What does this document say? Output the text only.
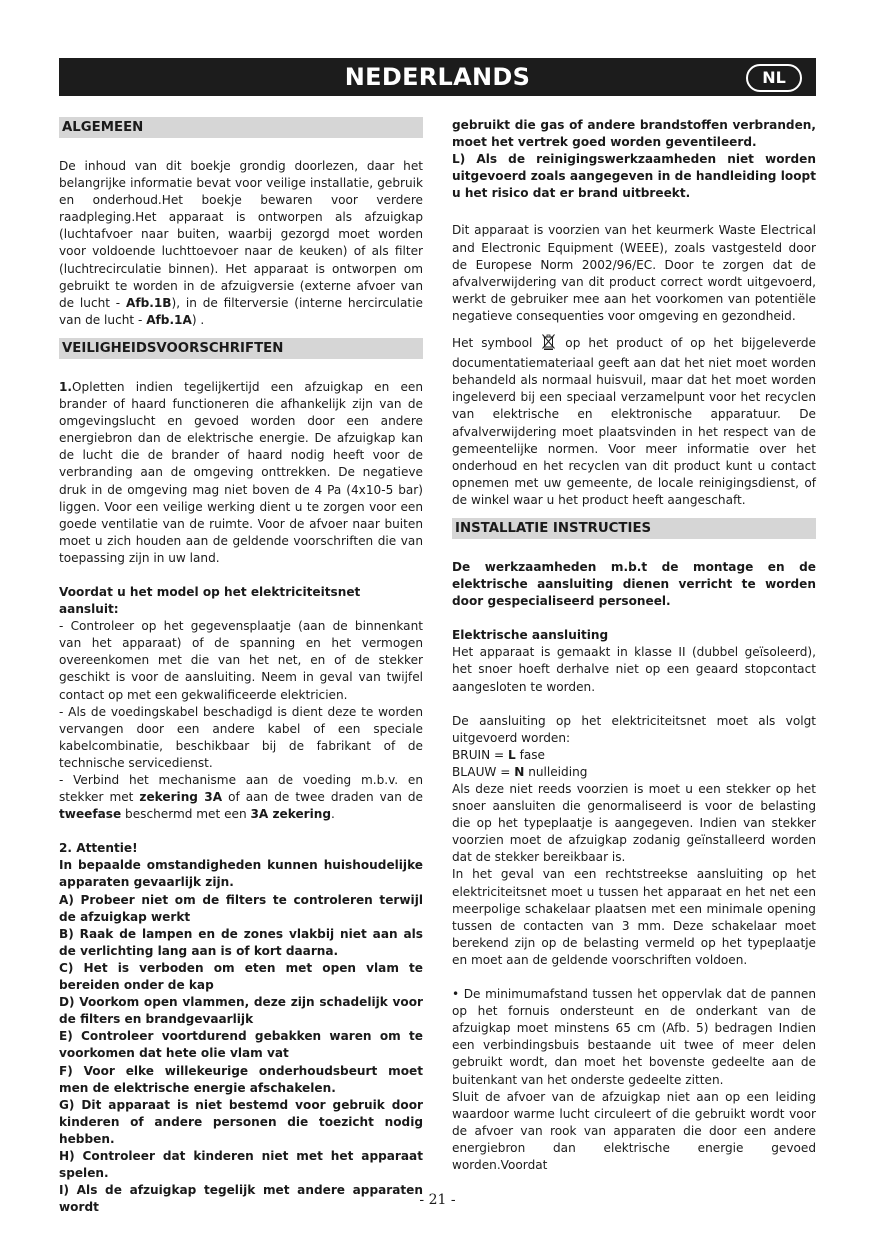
NEDERLANDS	NL
ALGEMEEN

De inhoud van dit boekje grondig doorlezen, daar het belangrijke informatie bevat voor veilige installatie, gebruik en onderhoud.Het boekje bewaren voor verdere raadpleging.Het apparaat is ontworpen als afzuigkap (luchtafvoer naar buiten, waarbij gezorgd moet worden voor voldoende luchttoevoer naar de keuken) of als filter (luchtrecirculatie binnen). Het apparaat is ontworpen om gebruikt te worden in de afzuigversie (externe afvoer van de lucht - Afb.1B), in de filterversie (interne hercirculatie van de lucht - Afb.1A) .

VEILIGHEIDSVOORSCHRIFTEN

1.Opletten indien tegelijkertijd een afzuigkap en een brander of haard functioneren die afhankelijk zijn van de omgevingslucht en gevoed worden door een andere energiebron dan de elektrische energie. De afzuigkap kan de lucht die de brander of haard nodig heeft voor de verbranding aan de omgeving onttrekken. De negatieve druk in de omgeving mag niet boven de 4 Pa (4x10-5 bar) liggen. Voor een veilige werking dient u te zorgen voor een goede ventilatie van de ruimte. Voor de afvoer naar buiten moet u zich houden aan de geldende voorschriften die van toepassing zijn in uw land.

Voordat u het model op het elektriciteitsnet aansluit:

- Controleer op het gegevensplaatje (aan de binnenkant van het apparaat) of de spanning en het vermogen overeenkomen met die van het net, en of de stekker geschikt is voor de aansluiting. Neem in geval van twijfel contact op met een gekwalificeerde elektricien.

- Als de voedingskabel beschadigd is dient deze te worden vervangen door een andere kabel of een speciale kabelcombinatie, beschikbaar bij de fabrikant of de technische servicedienst.

- Verbind het mechanisme aan de voeding m.b.v. en stekker met zekering 3A of aan de twee draden van de tweefase beschermd met een 3A zekering.

2. Attentie!

In bepaalde omstandigheden kunnen huishoudelijke apparaten gevaarlijk zijn.

A) Probeer niet om de filters te controleren terwijl de afzuigkap werkt

B) Raak de lampen en de zones vlakbij niet aan als de verlichting lang aan is of kort daarna.

C) Het is verboden om eten met open vlam te bereiden onder de kap

D) Voorkom open vlammen, deze zijn schadelijk voor de filters en brandgevaarlijk

E) Controleer voortdurend gebakken waren om te voorkomen dat hete olie vlam vat

F) Voor elke willekeurige onderhoudsbeurt moet men de elektrische energie afschakelen.

G) Dit apparaat is niet bestemd voor gebruik door kinderen of andere personen die toezicht nodig hebben.

H) Controleer dat kinderen niet met het apparaat spelen.

I) Als de afzuigkap tegelijk met andere apparaten wordt

gebruikt die gas of andere brandstoffen verbranden, moet het vertrek goed worden geventileerd.

L) Als de reinigingswerkzaamheden niet worden uitgevoerd zoals aangegeven in de handleiding loopt u het risico dat er brand uitbreekt.

Dit apparaat is voorzien van het keurmerk Waste Electrical and Electronic Equipment (WEEE), zoals vastgesteld door de Europese Norm 2002/96/EC. Door te zorgen dat de afvalverwijdering van dit product correct wordt uitgevoerd, werkt de gebruiker mee aan het voorkomen van potentiële negatieve consequenties voor omgeving en gezondheid.

Het symbool	op het product of op het bijgeleverde documentatiemateriaal geeft aan dat het niet moet worden behandeld als normaal huisvuil, maar dat het moet worden ingeleverd bij een speciaal verzamelpunt voor het recyclen van elektrische en elektronische apparatuur. De afvalverwijdering moet plaatsvinden in het respect van de gemeentelijke normen. Voor meer informatie over het onderhoud en het recyclen van dit product kunt u contact opnemen met uw gemeente, de locale reinigingsdienst, of de winkel waar u het product heeft aangeschaft.

INSTALLATIE INSTRUCTIES

De werkzaamheden m.b.t de montage en de elektrische aansluiting dienen verricht te worden door gespecialiseerd personeel.

Elektrische aansluiting

Het apparaat is gemaakt in klasse II (dubbel geïsoleerd), het snoer hoeft derhalve niet op een geaard stopcontact aangesloten te worden.

De aansluiting op het elektriciteitsnet moet als volgt uitgevoerd worden:

BRUIN = L fase

BLAUW = N nulleiding

Als deze niet reeds voorzien is moet u een stekker op het snoer aansluiten die genormaliseerd is voor de belasting die op het typeplaatje is aangegeven. Indien van stekker voorzien moet de afzuigkap zodanig geïnstalleerd worden dat de stekker bereikbaar is.

In het geval van een rechtstreekse aansluiting op het elektriciteitsnet moet u tussen het apparaat en het net een meerpolige schakelaar plaatsen met een minimale opening tussen de contacten van 3 mm. Deze schakelaar moet berekend zijn op de belasting vermeld op het typeplaatje en moet aan de geldende voorschriften voldoen.

• De minimumafstand tussen het oppervlak dat de pannen op het fornuis ondersteunt en de onderkant van de afzuigkap moet minstens 65 cm (Afb. 5) bedragen Indien een verbindingsbuis bestaande uit twee of meer delen gebruikt wordt, dan moet het bovenste gedeelte aan de buitenkant van het onderste gedeelte zitten.

Sluit de afvoer van de afzuigkap niet aan op een leiding waardoor warme lucht circuleert of die gebruikt wordt voor de afvoer van rook van apparaten die door een andere energiebron dan elektrische energie gevoed worden.Voordat

- 21 -
